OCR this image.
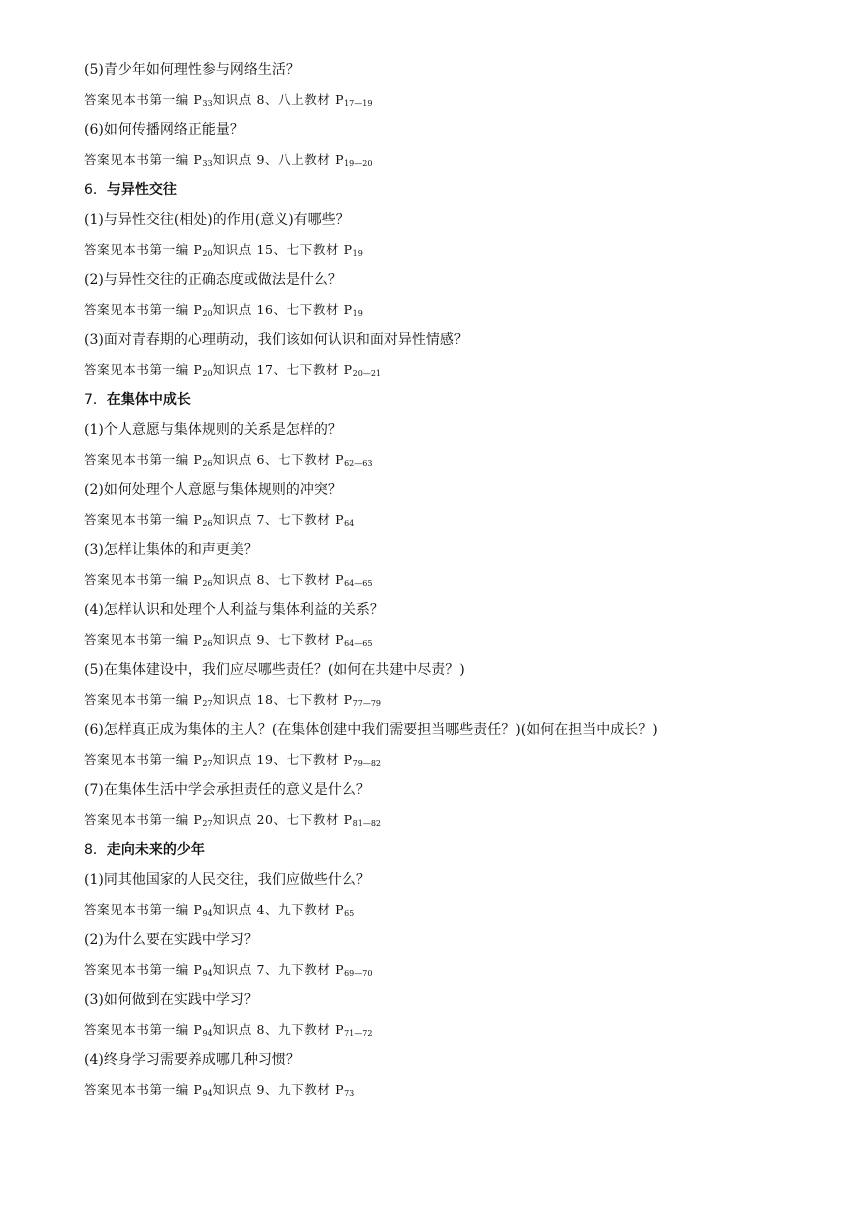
(5)青少年如何理性参与网络生活？
答案见本书第一编 $P_{33}$知识点 8、八上教材 $P_{17—19}$
(6)如何传播网络正能量？
答案见本书第一编 $P_{33}$知识点 9、八上教材 $P_{19—20}$
6．与异性交往
(1)与异性交往(相处)的作用(意义)有哪些？
答案见本书第一编 $P_{20}$知识点 15、七下教材 $P_{19}$
(2)与异性交往的正确态度或做法是什么？
答案见本书第一编 $P_{20}$知识点 16、七下教材 $P_{19}$
(3)面对青春期的心理萌动，我们该如何认识和面对异性情感？
答案见本书第一编 $P_{20}$知识点 17、七下教材 $P_{20—21}$
7．在集体中成长
(1)个人意愿与集体规则的关系是怎样的？
答案见本书第一编 $P_{26}$知识点 6、七下教材 $P_{62—63}$
(2)如何处理个人意愿与集体规则的冲突？
答案见本书第一编 $P_{26}$知识点 7、七下教材 $P_{64}$
(3)怎样让集体的和声更美？
答案见本书第一编 $P_{26}$知识点 8、七下教材 $P_{64—65}$
(4)怎样认识和处理个人利益与集体利益的关系？
答案见本书第一编 $P_{26}$知识点 9、七下教材 $P_{64—65}$
(5)在集体建设中，我们应尽哪些责任？(如何在共建中尽责？)
答案见本书第一编 $P_{27}$知识点 18、七下教材 $P_{77—79}$
(6)怎样真正成为集体的主人？(在集体创建中我们需要担当哪些责任？)(如何在担当中成长？)
答案见本书第一编 $P_{27}$知识点 19、七下教材 $P_{79—82}$
(7)在集体生活中学会承担责任的意义是什么？
答案见本书第一编 $P_{27}$知识点 20、七下教材 $P_{81—82}$
8．走向未来的少年
(1)同其他国家的人民交往，我们应做些什么？
答案见本书第一编 $P_{94}$知识点 4、九下教材 $P_{65}$
(2)为什么要在实践中学习？
答案见本书第一编 $P_{94}$知识点 7、九下教材 $P_{69—70}$
(3)如何做到在实践中学习？
答案见本书第一编 $P_{94}$知识点 8、九下教材 $P_{71—72}$
(4)终身学习需要养成哪几种习惯？
答案见本书第一编 $P_{94}$知识点 9、九下教材 $P_{73}$
